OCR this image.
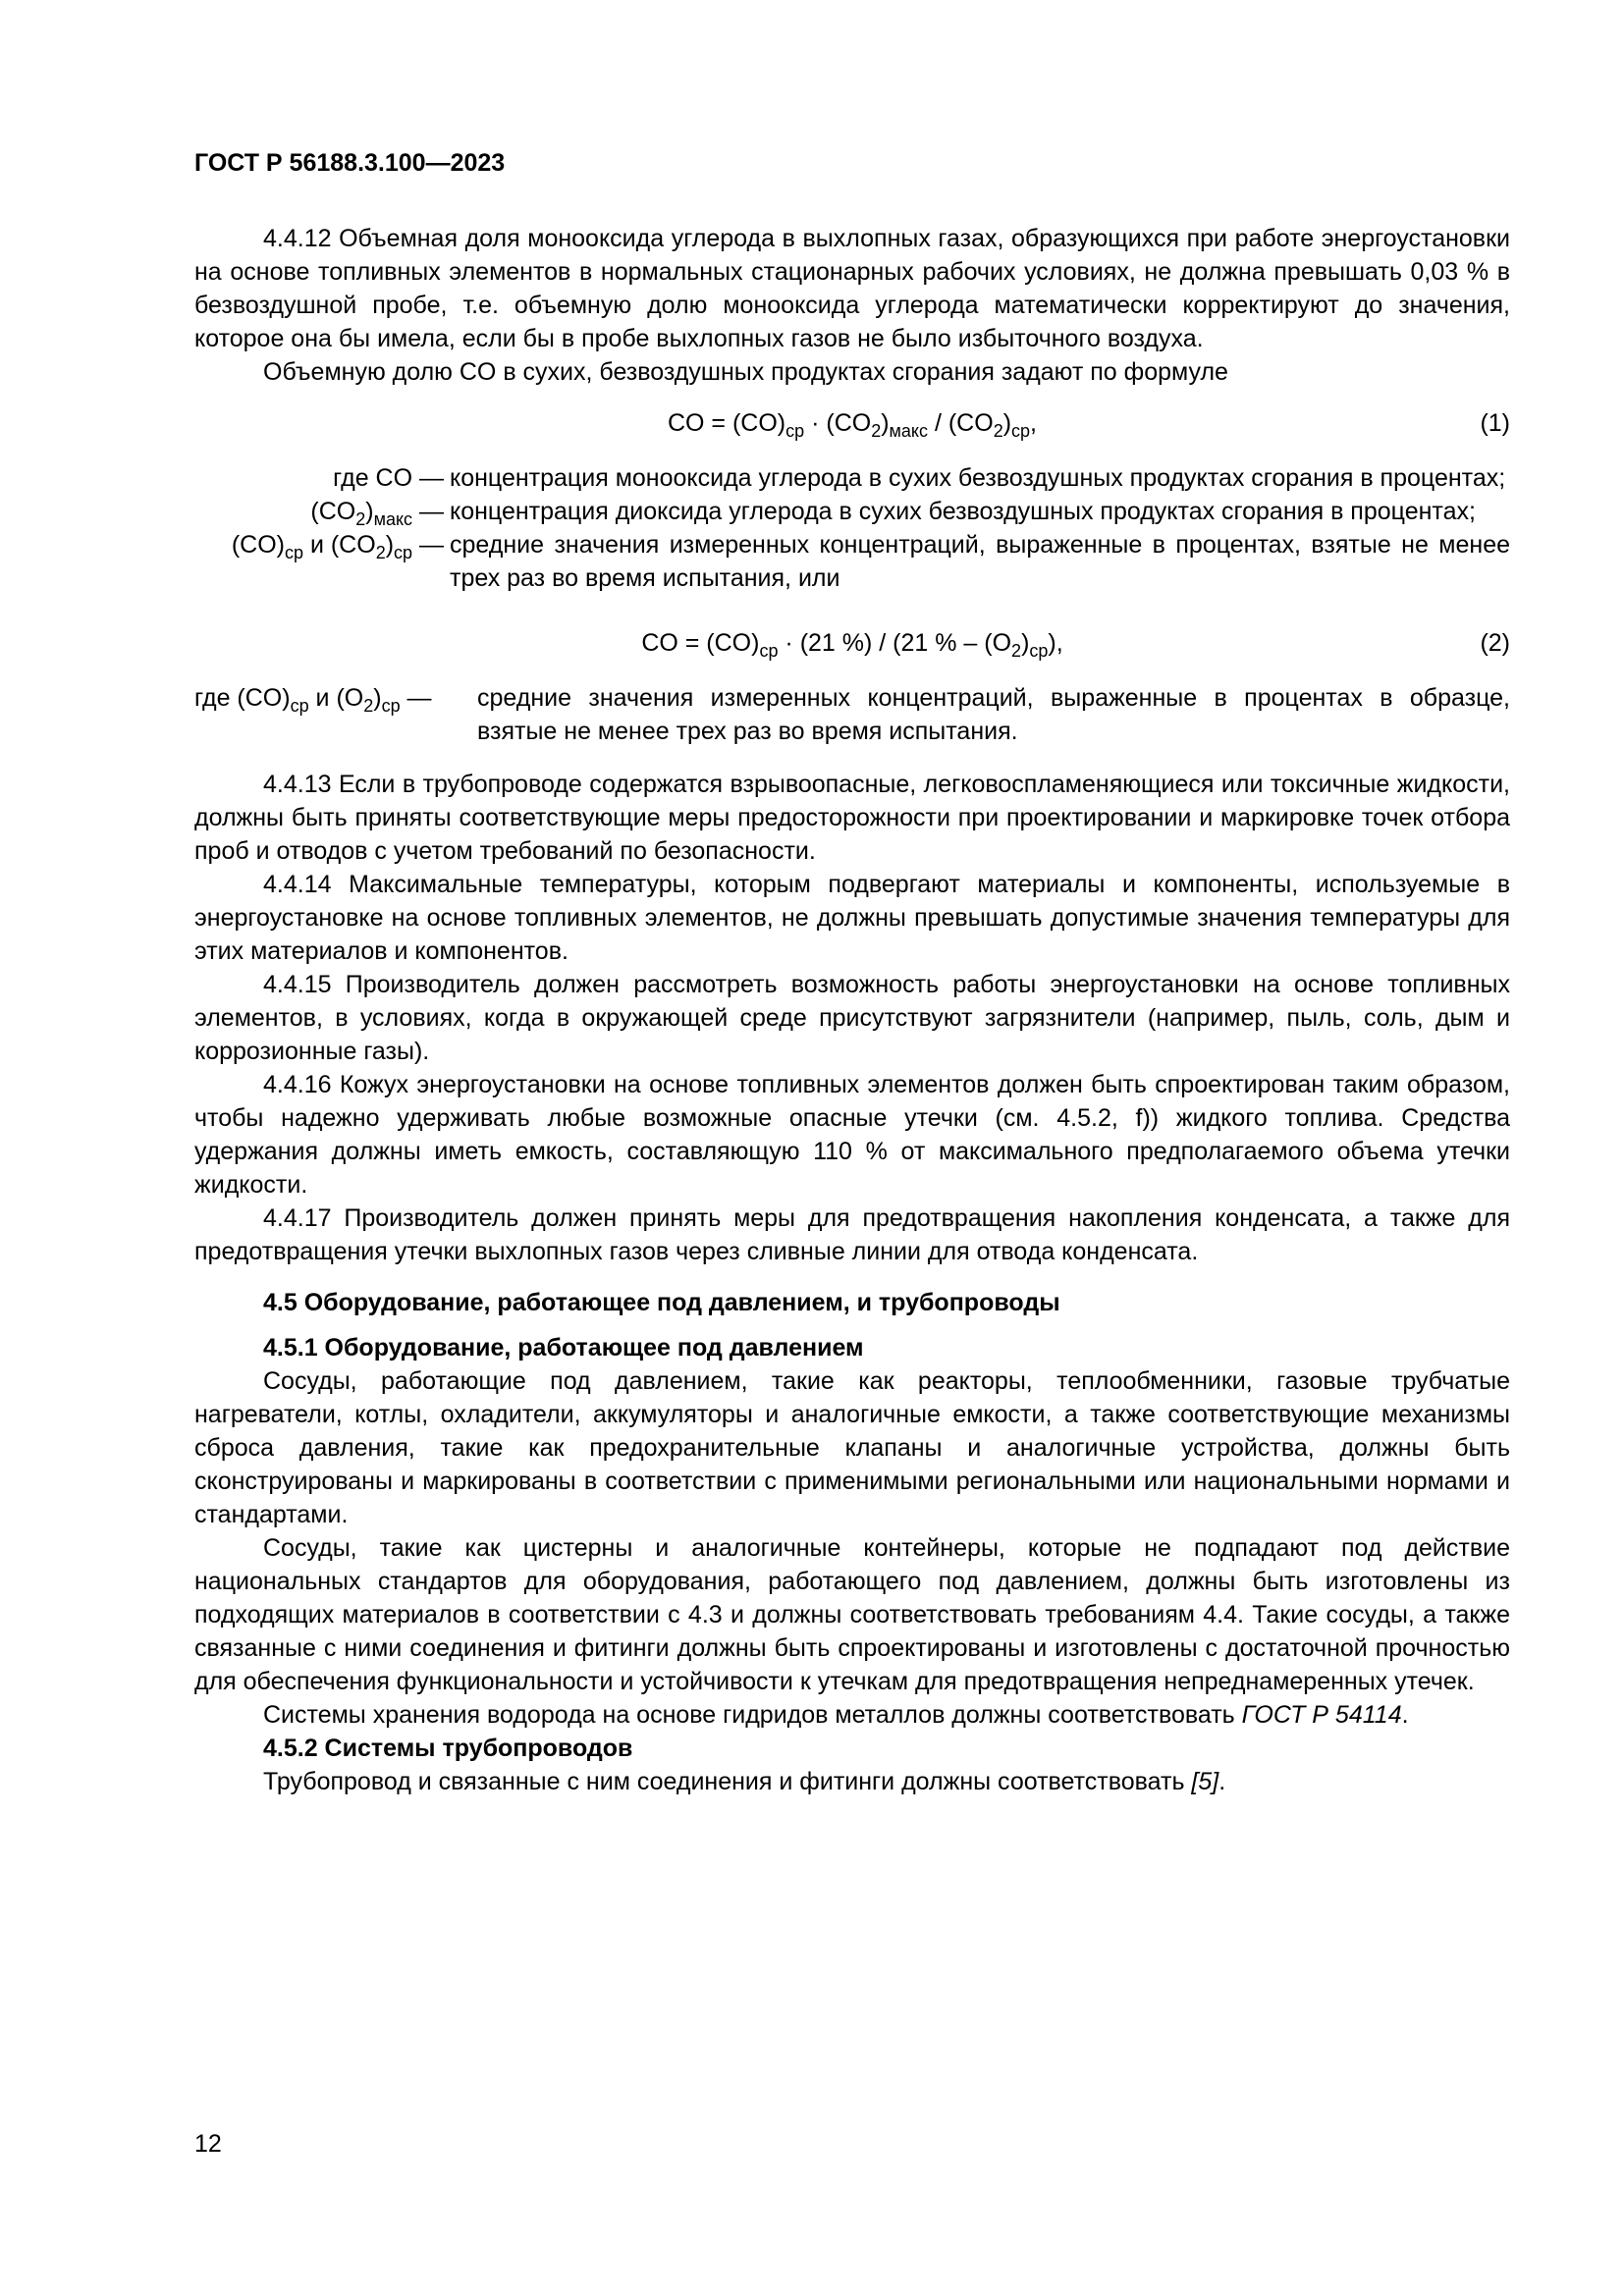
ГОСТ Р 56188.3.100—2023

4.4.12 Объемная доля монооксида углерода в выхлопных газах, образующихся при работе энергоустановки на основе топливных элементов в нормальных стационарных рабочих условиях, не должна превышать 0,03 % в безвоздушной пробе, т.е. объемную долю монооксида углерода математически корректируют до значения, которое она бы имела, если бы в пробе выхлопных газов не было избыточного воздуха.

Объемную долю CO в сухих, безвоздушных продуктах сгорания задают по формуле

CO = $(CO)_{ср} \cdot (CO_2)_{макс} / (CO_2)_{ср}$,	(1)
где CO — концентрация монооксида углерода в сухих безвоздушных продуктах сгорания в процентах;
$(CO_2)_{макс}$ — концентрация диоксида углерода в сухих безвоздушных продуктах сгорания в процентах;
$(CO)_{ср}$ и $(CO_2)_{ср}$ — средние значения измеренных концентраций, выраженные в процентах, взятые не менее трех раз во время испытания, или
CO = $(CO)_{ср} \cdot (21$ %) / (21 % – $(O_2)_{ср}$),	(2)
где $(CO)_{ср}$ и $(O_2)_{ср}$ —	средние значения измеренных концентраций, выраженные в процентах в образце, взятые не менее трех раз во время испытания.

4.4.13 Если в трубопроводе содержатся взрывоопасные, легковоспламеняющиеся или токсичные жидкости, должны быть приняты соответствующие меры предосторожности при проектировании и маркировке точек отбора проб и отводов с учетом требований по безопасности.

4.4.14 Максимальные температуры, которым подвергают материалы и компоненты, используемые в энергоустановке на основе топливных элементов, не должны превышать допустимые значения температуры для этих материалов и компонентов.

4.4.15 Производитель должен рассмотреть возможность работы энергоустановки на основе топливных элементов, в условиях, когда в окружающей среде присутствуют загрязнители (например, пыль, соль, дым и коррозионные газы).

4.4.16 Кожух энергоустановки на основе топливных элементов должен быть спроектирован таким образом, чтобы надежно удерживать любые возможные опасные утечки (см. 4.5.2, f)) жидкого топлива. Средства удержания должны иметь емкость, составляющую 110 % от максимального предполагаемого объема утечки жидкости.

4.4.17 Производитель должен принять меры для предотвращения накопления конденсата, а также для предотвращения утечки выхлопных газов через сливные линии для отвода конденсата.

4.5 Оборудование, работающее под давлением, и трубопроводы
4.5.1 Оборудование, работающее под давлением

Сосуды, работающие под давлением, такие как реакторы, теплообменники, газовые трубчатые нагреватели, котлы, охладители, аккумуляторы и аналогичные емкости, а также соответствующие механизмы сброса давления, такие как предохранительные клапаны и аналогичные устройства, должны быть сконструированы и маркированы в соответствии с применимыми региональными или национальными нормами и стандартами.

Сосуды, такие как цистерны и аналогичные контейнеры, которые не подпадают под действие национальных стандартов для оборудования, работающего под давлением, должны быть изготовлены из подходящих материалов в соответствии с 4.3 и должны соответствовать требованиям 4.4. Такие сосуды, а также связанные с ними соединения и фитинги должны быть спроектированы и изготовлены с достаточной прочностью для обеспечения функциональности и устойчивости к утечкам для предотвращения непреднамеренных утечек.

Системы хранения водорода на основе гидридов металлов должны соответствовать ГОСТ Р 54114.

4.5.2 Системы трубопроводов

Трубопровод и связанные с ним соединения и фитинги должны соответствовать [5].

12
